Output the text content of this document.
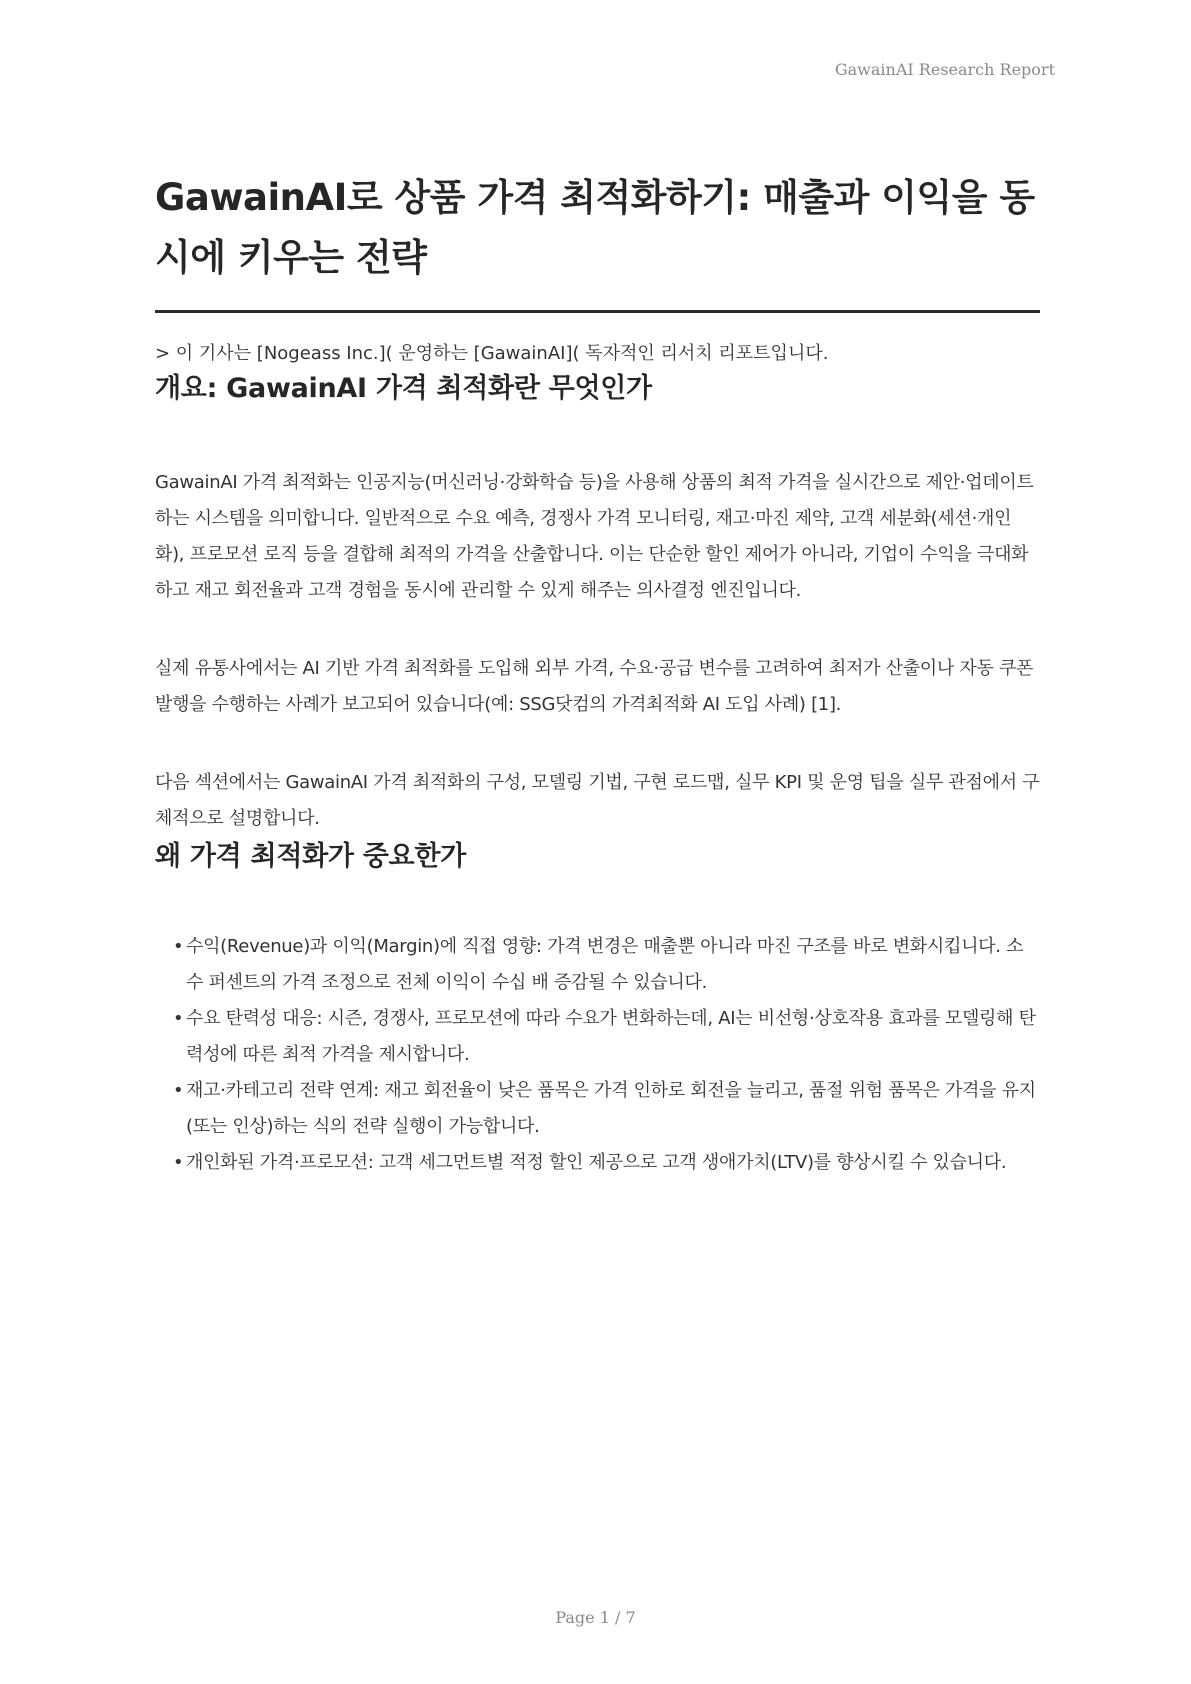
GawainAI Research Report
GawainAI로 상품 가격 최적화하기: 매출과 이익을 동시에 키우는 전략
> 이 기사는 [Nogeass Inc.]( 운영하는 [GawainAI]( 독자적인 리서치 리포트입니다.
개요: GawainAI 가격 최적화란 무엇인가
GawainAI 가격 최적화는 인공지능(머신러닝·강화학습 등)을 사용해 상품의 최적 가격을 실시간으로 제안·업데이트하는 시스템을 의미합니다. 일반적으로 수요 예측, 경쟁사 가격 모니터링, 재고·마진 제약, 고객 세분화(세션·개인화), 프로모션 로직 등을 결합해 최적의 가격을 산출합니다. 이는 단순한 할인 제어가 아니라, 기업이 수익을 극대화하고 재고 회전율과 고객 경험을 동시에 관리할 수 있게 해주는 의사결정 엔진입니다.
실제 유통사에서는 AI 기반 가격 최적화를 도입해 외부 가격, 수요·공급 변수를 고려하여 최저가 산출이나 자동 쿠폰 발행을 수행하는 사례가 보고되어 있습니다(예: SSG닷컴의 가격최적화 AI 도입 사례) [1].
다음 섹션에서는 GawainAI 가격 최적화의 구성, 모델링 기법, 구현 로드맵, 실무 KPI 및 운영 팁을 실무 관점에서 구체적으로 설명합니다.
왜 가격 최적화가 중요한가
• 수익(Revenue)과 이익(Margin)에 직접 영향: 가격 변경은 매출뿐 아니라 마진 구조를 바로 변화시킵니다. 소수 퍼센트의 가격 조정으로 전체 이익이 수십 배 증감될 수 있습니다.
• 수요 탄력성 대응: 시즌, 경쟁사, 프로모션에 따라 수요가 변화하는데, AI는 비선형·상호작용 효과를 모델링해 탄력성에 따른 최적 가격을 제시합니다.
• 재고·카테고리 전략 연계: 재고 회전율이 낮은 품목은 가격 인하로 회전을 늘리고, 품절 위험 품목은 가격을 유지(또는 인상)하는 식의 전략 실행이 가능합니다.
• 개인화된 가격·프로모션: 고객 세그먼트별 적정 할인 제공으로 고객 생애가치(LTV)를 향상시킬 수 있습니다.
Page 1 / 7
